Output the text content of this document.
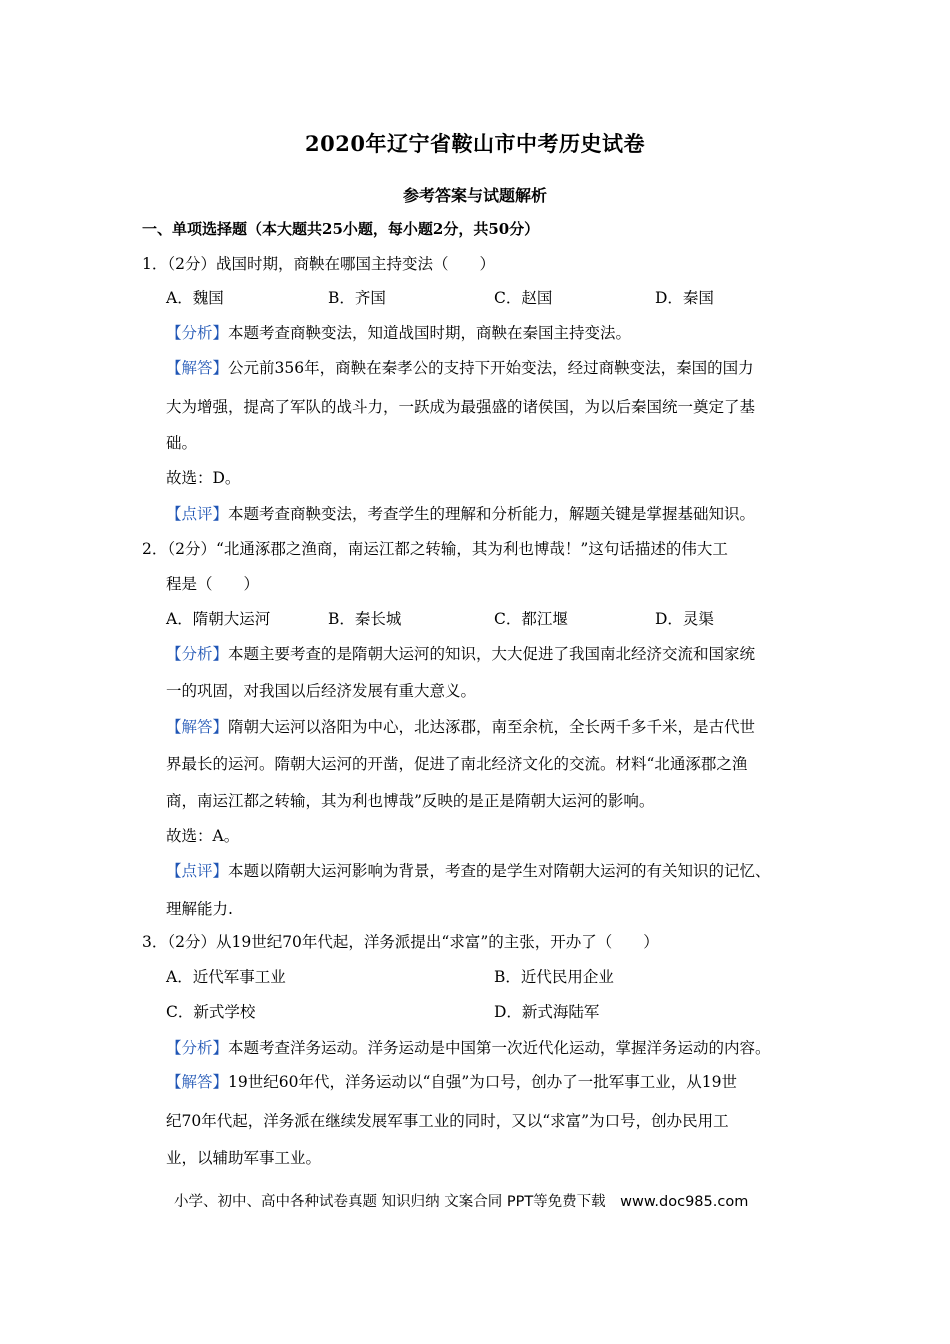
2020年辽宁省鞍山市中考历史试卷
参考答案与试题解析
一、单项选择题（本大题共25小题，每小题2分，共50分）
1．（2分）战国时期，商鞅在哪国主持变法（　　）
A．魏国	B．齐国	C．赵国	D．秦国
【分析】本题考查商鞅变法，知道战国时期，商鞅在秦国主持变法。
【解答】公元前356年，商鞅在秦孝公的支持下开始变法，经过商鞅变法，秦国的国力
大为增强，提高了军队的战斗力，一跃成为最强盛的诸侯国，为以后秦国统一奠定了基
础。
故选：D。
【点评】本题考查商鞅变法，考查学生的理解和分析能力，解题关键是掌握基础知识。
2．（2分）“北通涿郡之渔商，南运江都之转输，其为利也博哉！”这句话描述的伟大工
程是（　　）
A．隋朝大运河	B．秦长城	C．都江堰	D．灵渠
【分析】本题主要考查的是隋朝大运河的知识，大大促进了我国南北经济交流和国家统
一的巩固，对我国以后经济发展有重大意义。
【解答】隋朝大运河以洛阳为中心，北达涿郡，南至余杭，全长两千多千米，是古代世
界最长的运河。隋朝大运河的开凿，促进了南北经济文化的交流。材料“北通涿郡之渔
商，南运江都之转输，其为利也博哉”反映的是正是隋朝大运河的影响。
故选：A。
【点评】本题以隋朝大运河影响为背景，考查的是学生对隋朝大运河的有关知识的记忆、
理解能力.
3．（2分）从19世纪70年代起，洋务派提出“求富”的主张，开办了（　　）
A．近代军事工业	B．近代民用企业
C．新式学校	D．新式海陆军
【分析】本题考查洋务运动。洋务运动是中国第一次近代化运动，掌握洋务运动的内容。
【解答】19世纪60年代，洋务运动以“自强”为口号，创办了一批军事工业，从19世
纪70年代起，洋务派在继续发展军事工业的同时，又以“求富”为口号，创办民用工
业，以辅助军事工业。
小学、初中、高中各种试卷真题 知识归纳 文案合同 PPT等免费下载　www.doc985.com
